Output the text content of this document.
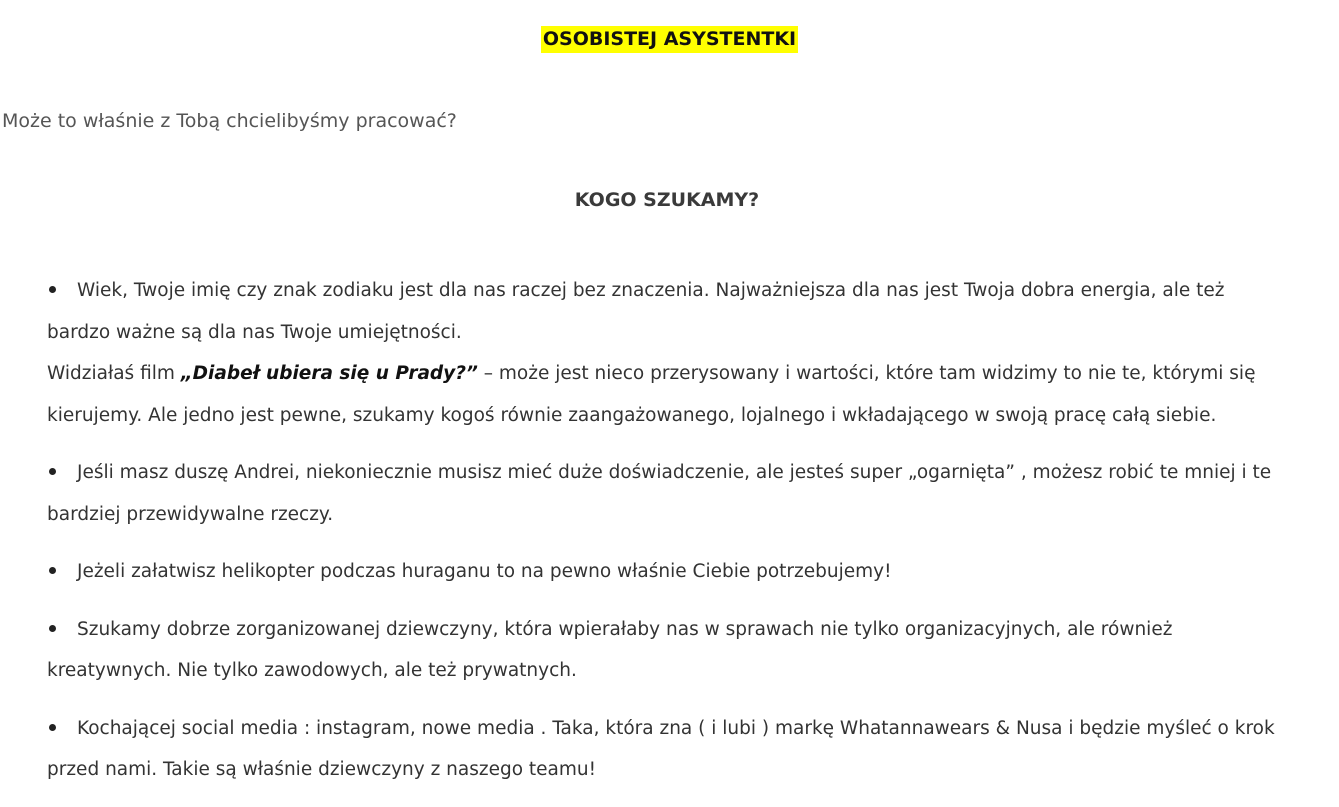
OSOBISTEJ ASYSTENTKI
Może to właśnie z Tobą chcielibyśmy pracować?
KOGO SZUKAMY?
Wiek, Twoje imię czy znak zodiaku jest dla nas raczej bez znaczenia. Najważniejsza dla nas jest Twoja dobra energia, ale też
bardzo ważne są dla nas Twoje umiejętności.
Widziałaś film „Diabeł ubiera się u Prady?” – może jest nieco przerysowany i wartości, które tam widzimy to nie te, którymi się
kierujemy. Ale jedno jest pewne, szukamy kogoś równie zaangażowanego, lojalnego i wkładającego w swoją pracę całą siebie.
Jeśli masz duszę Andrei, niekoniecznie musisz mieć duże doświadczenie, ale jesteś super „ogarnięta” , możesz robić te mniej i te
bardziej przewidywalne rzeczy.
Jeżeli załatwisz helikopter podczas huraganu to na pewno właśnie Ciebie potrzebujemy!
Szukamy dobrze zorganizowanej dziewczyny, która wpierałaby nas w sprawach nie tylko organizacyjnych, ale również
kreatywnych. Nie tylko zawodowych, ale też prywatnych.
Kochającej social media : instagram, nowe media . Taka, która zna ( i lubi ) markę Whatannawears & Nusa i będzie myśleć o krok
przed nami. Takie są właśnie dziewczyny z naszego teamu!
